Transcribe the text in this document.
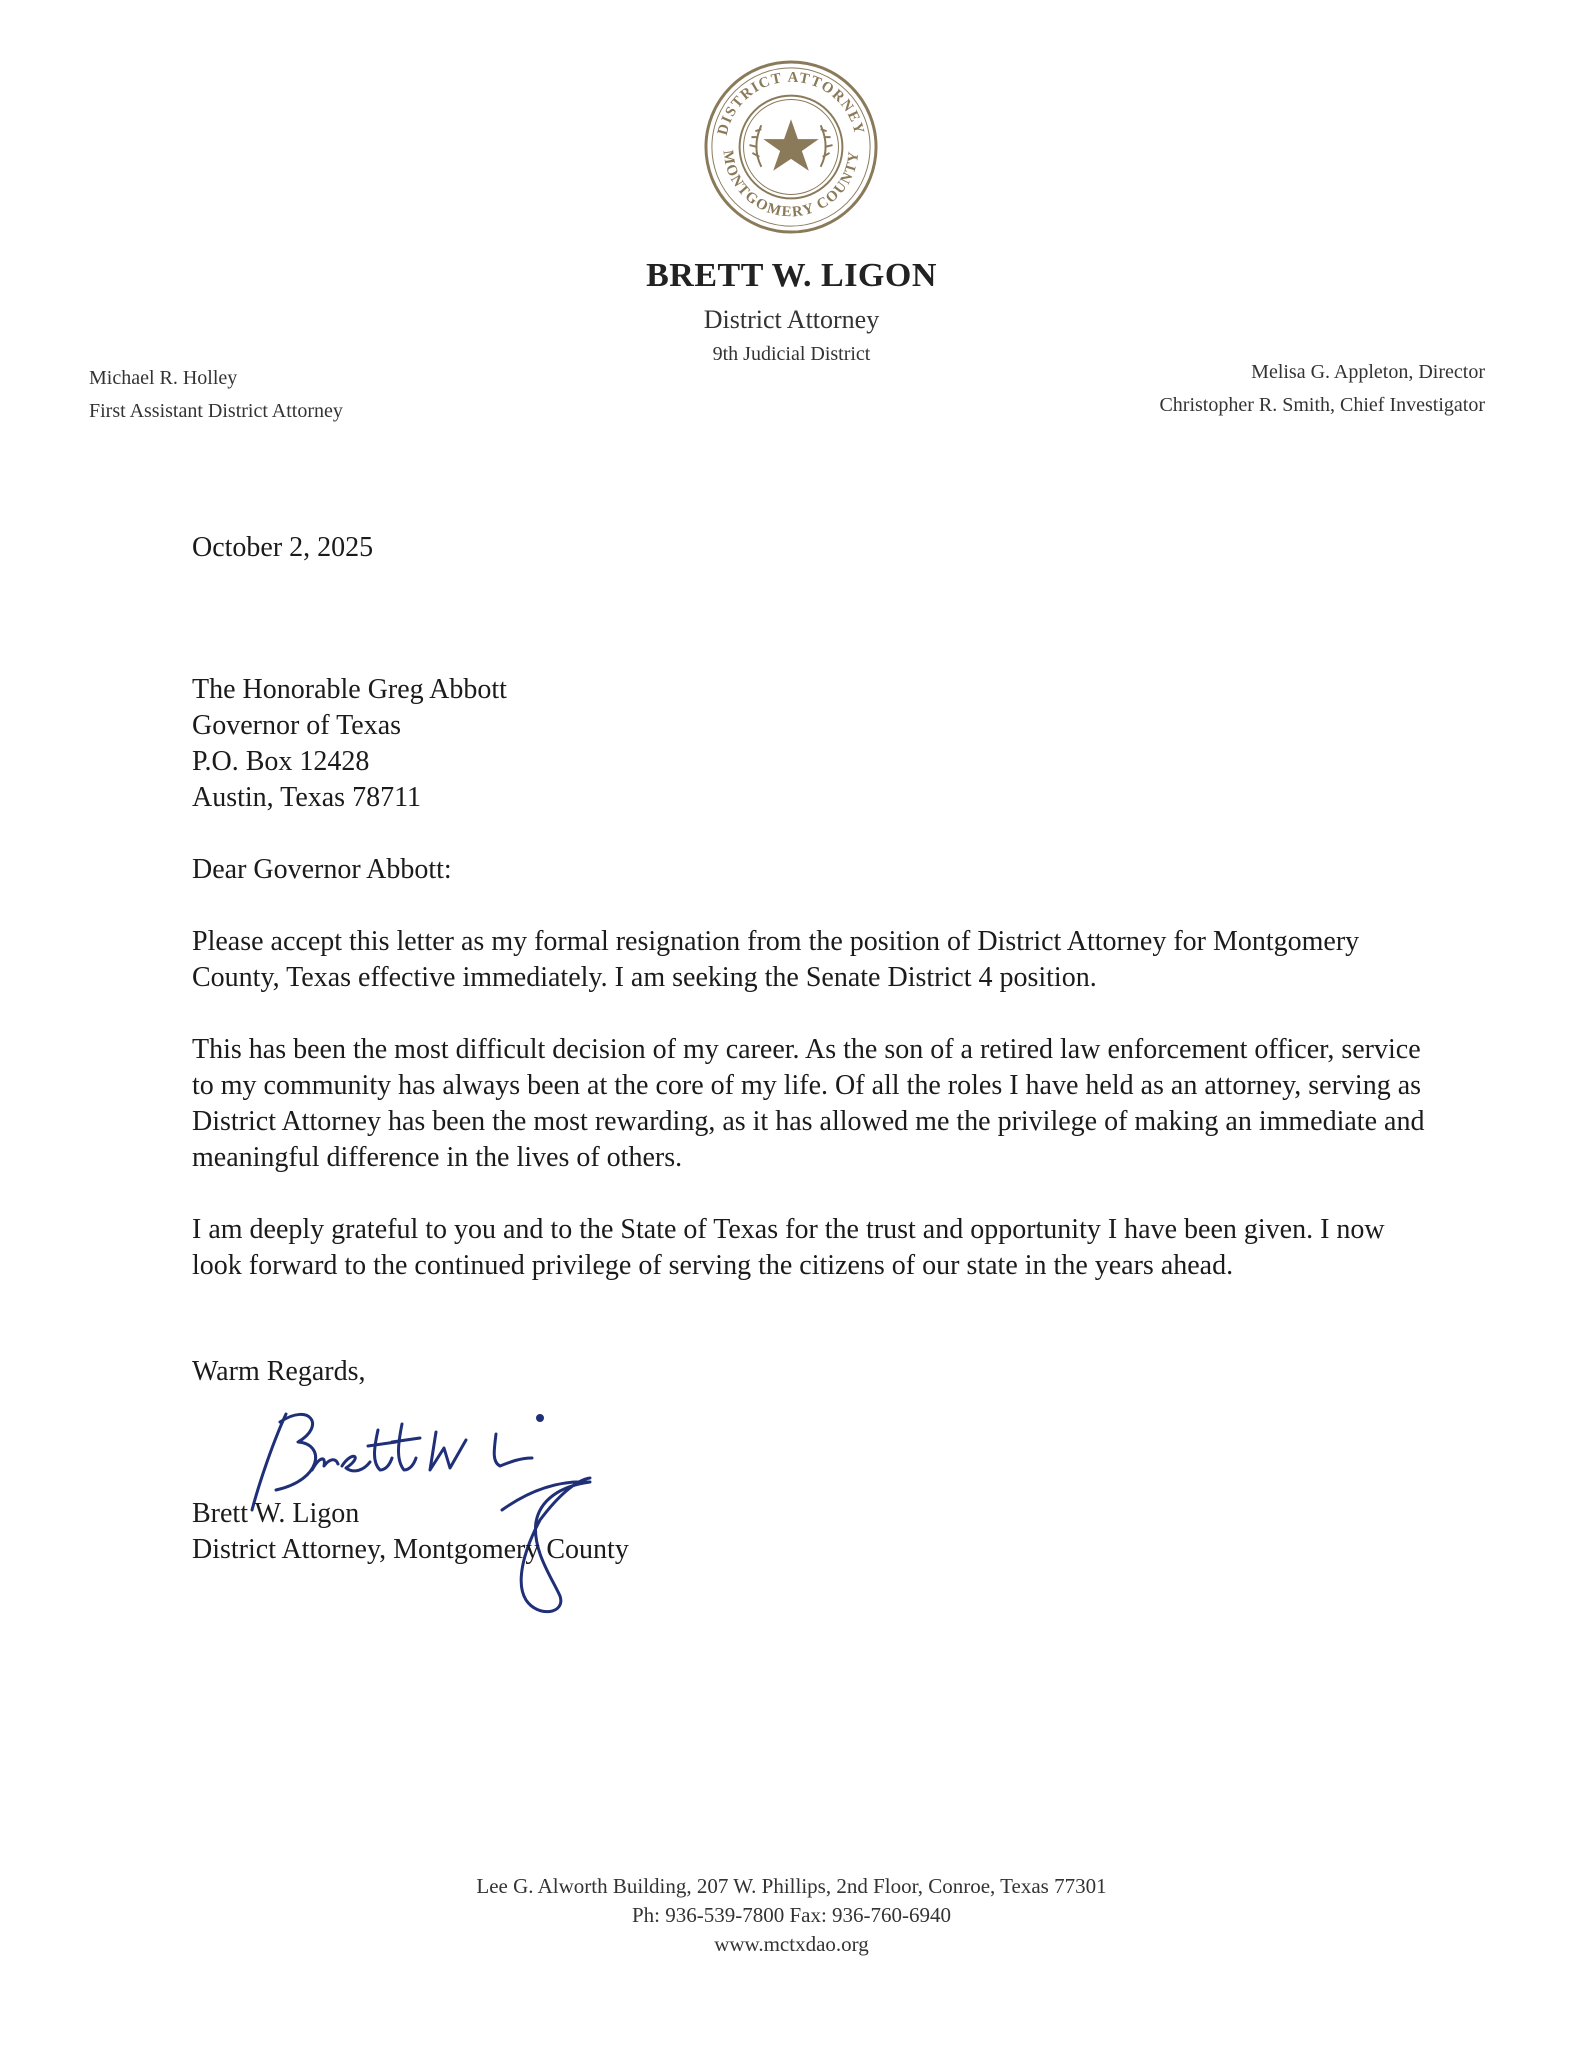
DISTRICT ATTORNEY
MONTGOMERY COUNTY
BRETT W. LIGON
District Attorney
9th Judicial District
Michael R. Holley
First Assistant District Attorney
Melisa G. Appleton, Director
Christopher R. Smith, Chief Investigator
October 2, 2025
The Honorable Greg Abbott
Governor of Texas
P.O. Box 12428
Austin, Texas 78711
Dear Governor Abbott:
Please accept this letter as my formal resignation from the position of District Attorney for Montgomery County, Texas effective immediately. I am seeking the Senate District 4 position.
This has been the most difficult decision of my career. As the son of a retired law enforcement officer, service to my community has always been at the core of my life. Of all the roles I have held as an attorney, serving as District Attorney has been the most rewarding, as it has allowed me the privilege of making an immediate and meaningful difference in the lives of others.
I am deeply grateful to you and to the State of Texas for the trust and opportunity I have been given. I now look forward to the continued privilege of serving the citizens of our state in the years ahead.
Warm Regards,
Brett W. Ligon
District Attorney, Montgomery County
Lee G. Alworth Building, 207 W. Phillips, 2nd Floor, Conroe, Texas 77301
Ph: 936-539-7800 Fax: 936-760-6940
www.mctxdao.org
